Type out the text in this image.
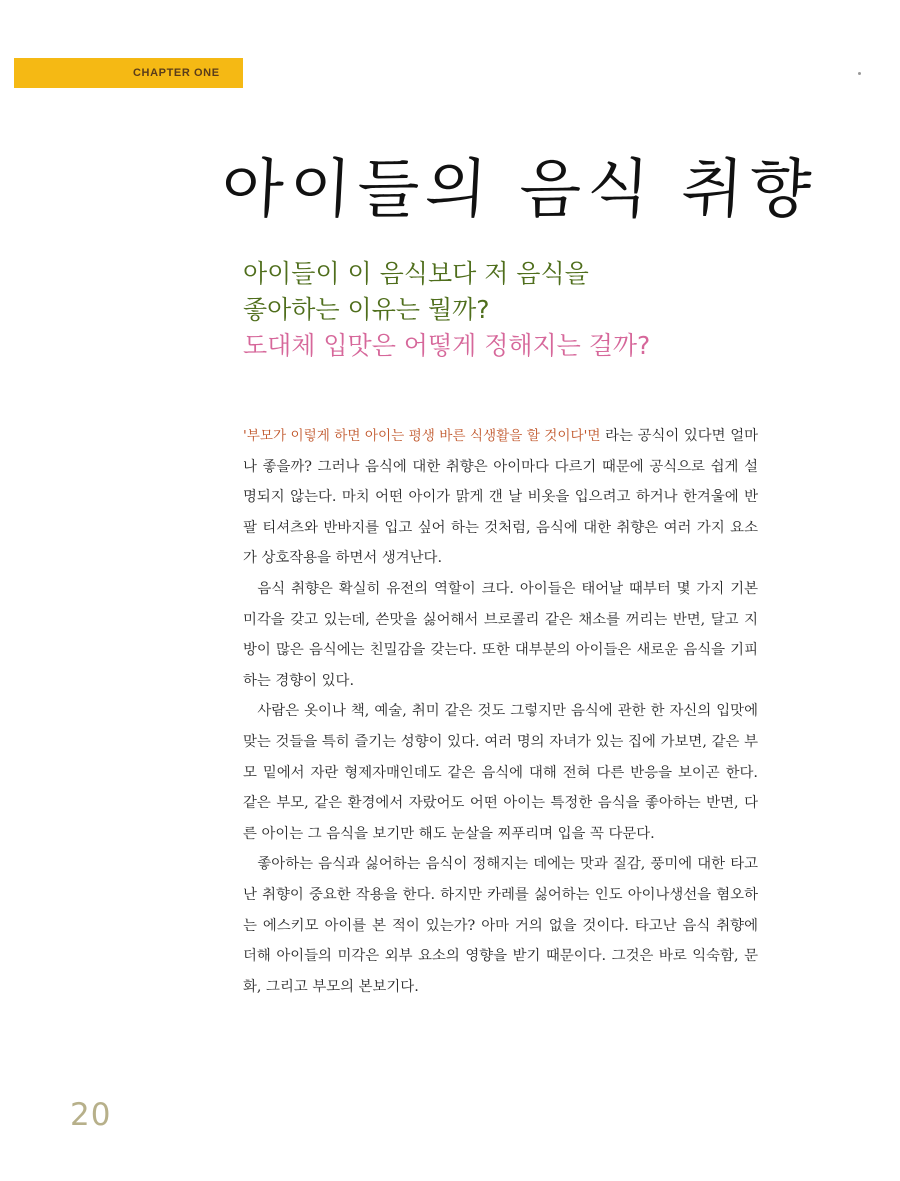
CHAPTER ONE
아이들의 음식 취향
아이들이 이 음식보다 저 음식을
좋아하는 이유는 뭘까?
도대체 입맛은 어떻게 정해지는 걸까?

'부모가 이렇게 하면 아이는 평생 바른 식생활을 할 것이다'면 라는 공식이 있다면 얼마나 좋을까? 그러나 음식에 대한 취향은 아이마다 다르기 때문에 공식으로 쉽게 설명되지 않는다. 마치 어떤 아이가 맑게 갠 날 비옷을 입으려고 하거나 한겨울에 반팔 티셔츠와 반바지를 입고 싶어 하는 것처럼, 음식에 대한 취향은 여러 가지 요소가 상호작용을 하면서 생겨난다.

음식 취향은 확실히 유전의 역할이 크다. 아이들은 태어날 때부터 몇 가지 기본 미각을 갖고 있는데, 쓴맛을 싫어해서 브로콜리 같은 채소를 꺼리는 반면, 달고 지방이 많은 음식에는 친밀감을 갖는다. 또한 대부분의 아이들은 새로운 음식을 기피하는 경향이 있다.

사람은 옷이나 책, 예술, 취미 같은 것도 그렇지만 음식에 관한 한 자신의 입맛에 맞는 것들을 특히 즐기는 성향이 있다. 여러 명의 자녀가 있는 집에 가보면, 같은 부모 밑에서 자란 형제자매인데도 같은 음식에 대해 전혀 다른 반응을 보이곤 한다. 같은 부모, 같은 환경에서 자랐어도 어떤 아이는 특정한 음식을 좋아하는 반면, 다른 아이는 그 음식을 보기만 해도 눈살을 찌푸리며 입을 꼭 다문다.

좋아하는 음식과 싫어하는 음식이 정해지는 데에는 맛과 질감, 풍미에 대한 타고난 취향이 중요한 작용을 한다. 하지만 카레를 싫어하는 인도 아이나생선을 혐오하는 에스키모 아이를 본 적이 있는가? 아마 거의 없을 것이다. 타고난 음식 취향에 더해 아이들의 미각은 외부 요소의 영향을 받기 때문이다. 그것은 바로 익숙함, 문화, 그리고 부모의 본보기다.

20
